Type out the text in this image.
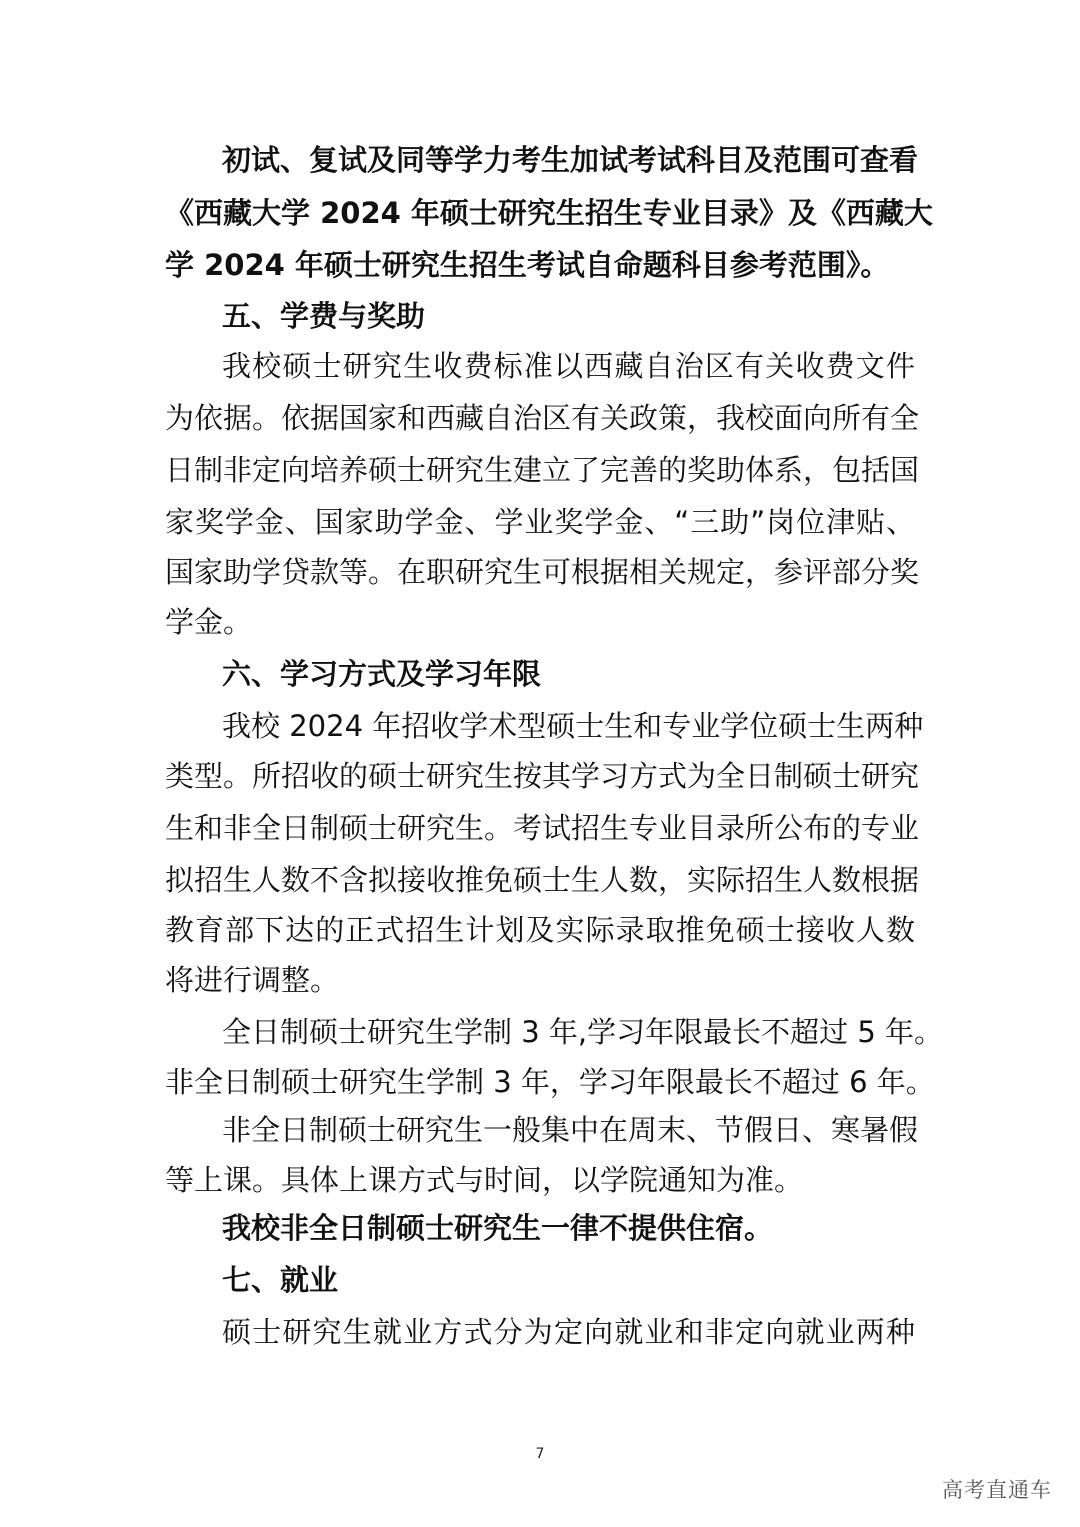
初试、复试及同等学力考生加试考试科目及范围可查看
《西藏大学 2024 年硕士研究生招生专业目录》及《西藏大
学 2024 年硕士研究生招生考试自命题科目参考范围》。
五、学费与奖助
我校硕士研究生收费标准以西藏自治区有关收费文件
为依据。依据国家和西藏自治区有关政策，我校面向所有全
日制非定向培养硕士研究生建立了完善的奖助体系，包括国
家奖学金、国家助学金、学业奖学金、“三助”岗位津贴、
国家助学贷款等。在职研究生可根据相关规定，参评部分奖
学金。
六、学习方式及学习年限
我校 2024 年招收学术型硕士生和专业学位硕士生两种
类型。所招收的硕士研究生按其学习方式为全日制硕士研究
生和非全日制硕士研究生。考试招生专业目录所公布的专业
拟招生人数不含拟接收推免硕士生人数，实际招生人数根据
教育部下达的正式招生计划及实际录取推免硕士接收人数
将进行调整。
全日制硕士研究生学制 3 年,学习年限最长不超过 5 年。
非全日制硕士研究生学制 3 年，学习年限最长不超过 6 年。
非全日制硕士研究生一般集中在周末、节假日、寒暑假
等上课。具体上课方式与时间，以学院通知为准。
我校非全日制硕士研究生一律不提供住宿。
七、就业
硕士研究生就业方式分为定向就业和非定向就业两种
7
高考直通车
